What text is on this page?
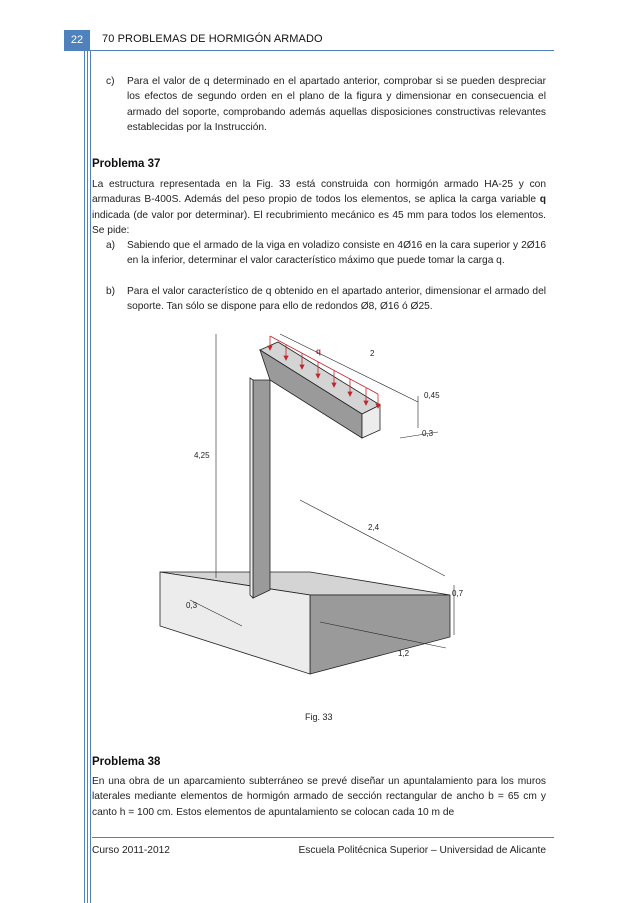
22	70 PROBLEMAS DE HORMIGÓN ARMADO
c) Para el valor de q determinado en el apartado anterior, comprobar si se pueden despreciar los efectos de segundo orden en el plano de la figura y dimensionar en consecuencia el armado del soporte, comprobando además aquellas disposiciones constructivas relevantes establecidas por la Instrucción.
Problema 37
La estructura representada en la Fig. 33 está construida con hormigón armado HA-25 y con armaduras B-400S. Además del peso propio de todos los elementos, se aplica la carga variable q indicada (de valor por determinar). El recubrimiento mecánico es 45 mm para todos los elementos. Se pide:
a) Sabiendo que el armado de la viga en voladizo consiste en 4Ø16 en la cara superior y 2Ø16 en la inferior, determinar el valor característico máximo que puede tomar la carga q.
b) Para el valor característico de q obtenido en el apartado anterior, dimensionar el armado del soporte. Tan sólo se dispone para ello de redondos Ø8, Ø16 ó Ø25.
q	2
0,45
0,3
4,25
2,4
0,7
0,3
1,2
Fig. 33
Problema 38
En una obra de un aparcamiento subterráneo se prevé diseñar un apuntalamiento para los muros laterales mediante elementos de hormigón armado de sección rectangular de ancho b = 65 cm y canto h = 100 cm. Estos elementos de apuntalamiento se colocan cada 10 m de
Curso 2011-2012	Escuela Politécnica Superior – Universidad de Alicante
